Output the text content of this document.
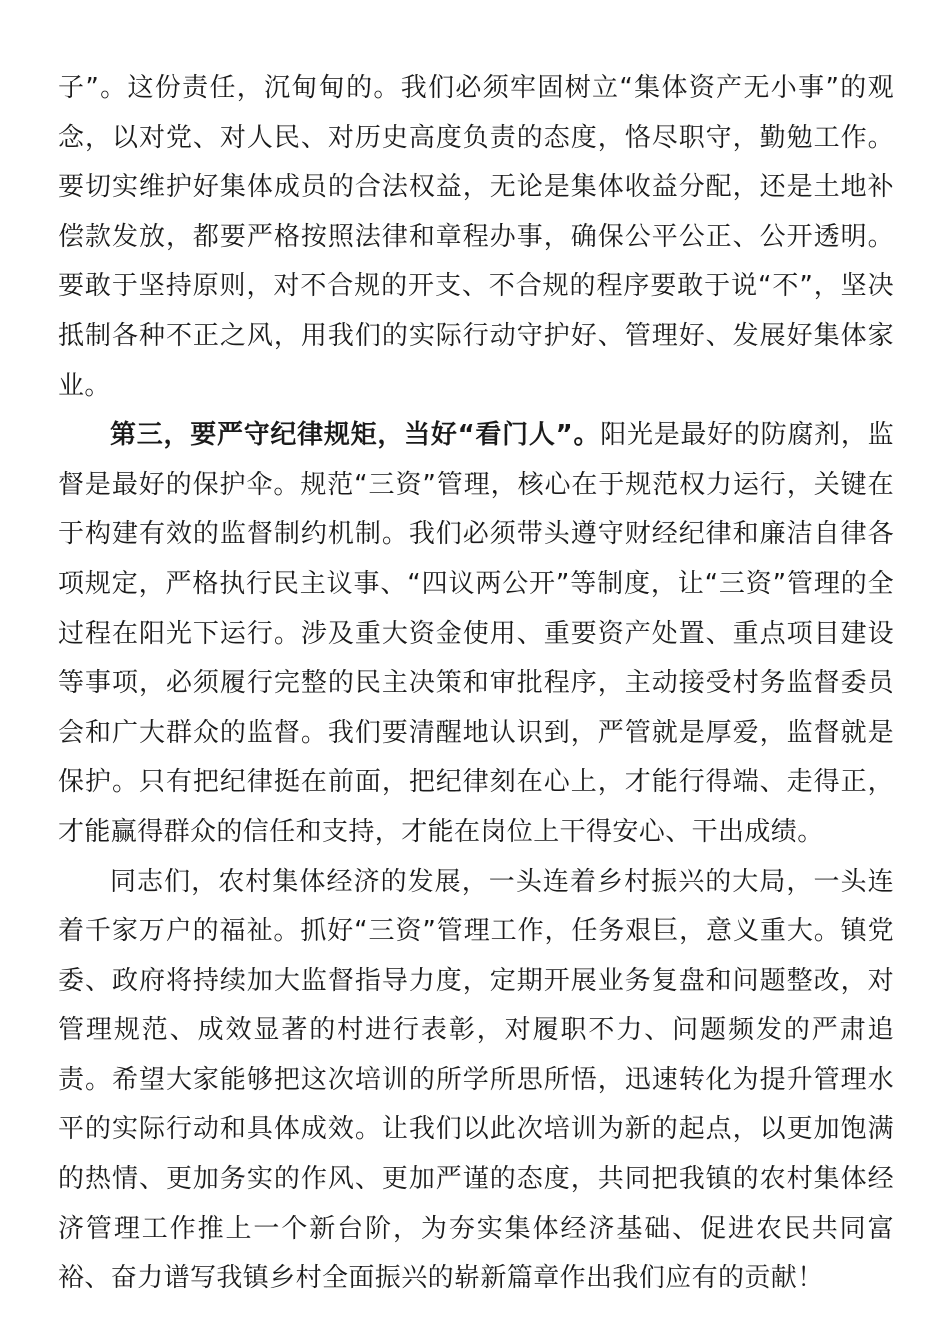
子”。这份责任，沉甸甸的。我们必须牢固树立“集体资产无小事”的观念，以对党、对人民、对历史高度负责的态度，恪尽职守，勤勉工作。要切实维护好集体成员的合法权益，无论是集体收益分配，还是土地补偿款发放，都要严格按照法律和章程办事，确保公平公正、公开透明。要敢于坚持原则，对不合规的开支、不合规的程序要敢于说“不”，坚决抵制各种不正之风，用我们的实际行动守护好、管理好、发展好集体家业。

第三，要严守纪律规矩，当好“看门人”。阳光是最好的防腐剂，监督是最好的保护伞。规范“三资”管理，核心在于规范权力运行，关键在于构建有效的监督制约机制。我们必须带头遵守财经纪律和廉洁自律各项规定，严格执行民主议事、“四议两公开”等制度，让“三资”管理的全过程在阳光下运行。涉及重大资金使用、重要资产处置、重点项目建设等事项，必须履行完整的民主决策和审批程序，主动接受村务监督委员会和广大群众的监督。我们要清醒地认识到，严管就是厚爱，监督就是保护。只有把纪律挺在前面，把纪律刻在心上，才能行得端、走得正，才能赢得群众的信任和支持，才能在岗位上干得安心、干出成绩。

同志们，农村集体经济的发展，一头连着乡村振兴的大局，一头连着千家万户的福祉。抓好“三资”管理工作，任务艰巨，意义重大。镇党委、政府将持续加大监督指导力度，定期开展业务复盘和问题整改，对管理规范、成效显著的村进行表彰，对履职不力、问题频发的严肃追责。希望大家能够把这次培训的所学所思所悟，迅速转化为提升管理水平的实际行动和具体成效。让我们以此次培训为新的起点，以更加饱满的热情、更加务实的作风、更加严谨的态度，共同把我镇的农村集体经济管理工作推上一个新台阶，为夯实集体经济基础、促进农民共同富裕、奋力谱写我镇乡村全面振兴的崭新篇章作出我们应有的贡献！
